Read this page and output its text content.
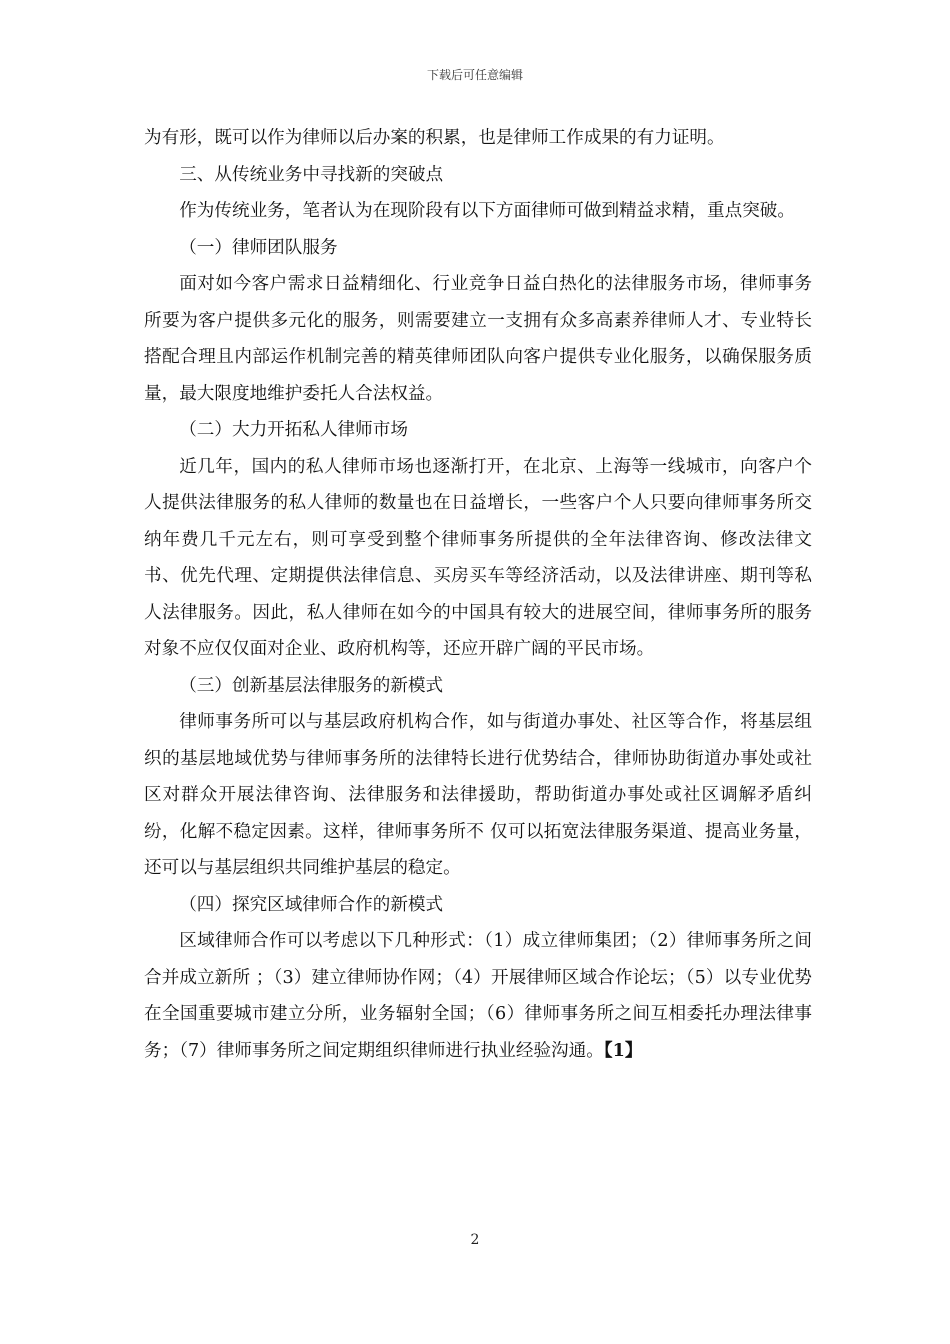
下载后可任意编辑

为有形，既可以作为律师以后办案的积累，也是律师工作成果的有力证明。

三、从传统业务中寻找新的突破点

作为传统业务，笔者认为在现阶段有以下方面律师可做到精益求精，重点突破。

（一）律师团队服务

面对如今客户需求日益精细化、行业竞争日益白热化的法律服务市场，律师事务所要为客户提供多元化的服务，则需要建立一支拥有众多高素养律师人才、专业特长搭配合理且内部运作机制完善的精英律师团队向客户提供专业化服务，以确保服务质量，最大限度地维护委托人合法权益。

（二）大力开拓私人律师市场

近几年，国内的私人律师市场也逐渐打开，在北京、上海等一线城市，向客户个人提供法律服务的私人律师的数量也在日益增长，一些客户个人只要向律师事务所交纳年费几千元左右，则可享受到整个律师事务所提供的全年法律咨询、修改法律文书、优先代理、定期提供法律信息、买房买车等经济活动，以及法律讲座、期刊等私人法律服务。因此，私人律师在如今的中国具有较大的进展空间，律师事务所的服务对象不应仅仅面对企业、政府机构等，还应开辟广阔的平民市场。

（三）创新基层法律服务的新模式

律师事务所可以与基层政府机构合作，如与街道办事处、社区等合作，将基层组织的基层地域优势与律师事务所的法律特长进行优势结合，律师协助街道办事处或社区对群众开展法律咨询、法律服务和法律援助，帮助街道办事处或社区调解矛盾纠纷，化解不稳定因素。这样，律师事务所不 仅可以拓宽法律服务渠道、提高业务量，还可以与基层组织共同维护基层的稳定。

（四）探究区域律师合作的新模式

区域律师合作可以考虑以下几种形式：（1）成立律师集团；（2）律师事务所之间合并成立新所 ；（3）建立律师协作网；（4）开展律师区域合作论坛；（5）以专业优势在全国重要城市建立分所，业务辐射全国；（6）律师事务所之间互相委托办理法律事务；（7）律师事务所之间定期组织律师进行执业经验沟通。【1】

2
